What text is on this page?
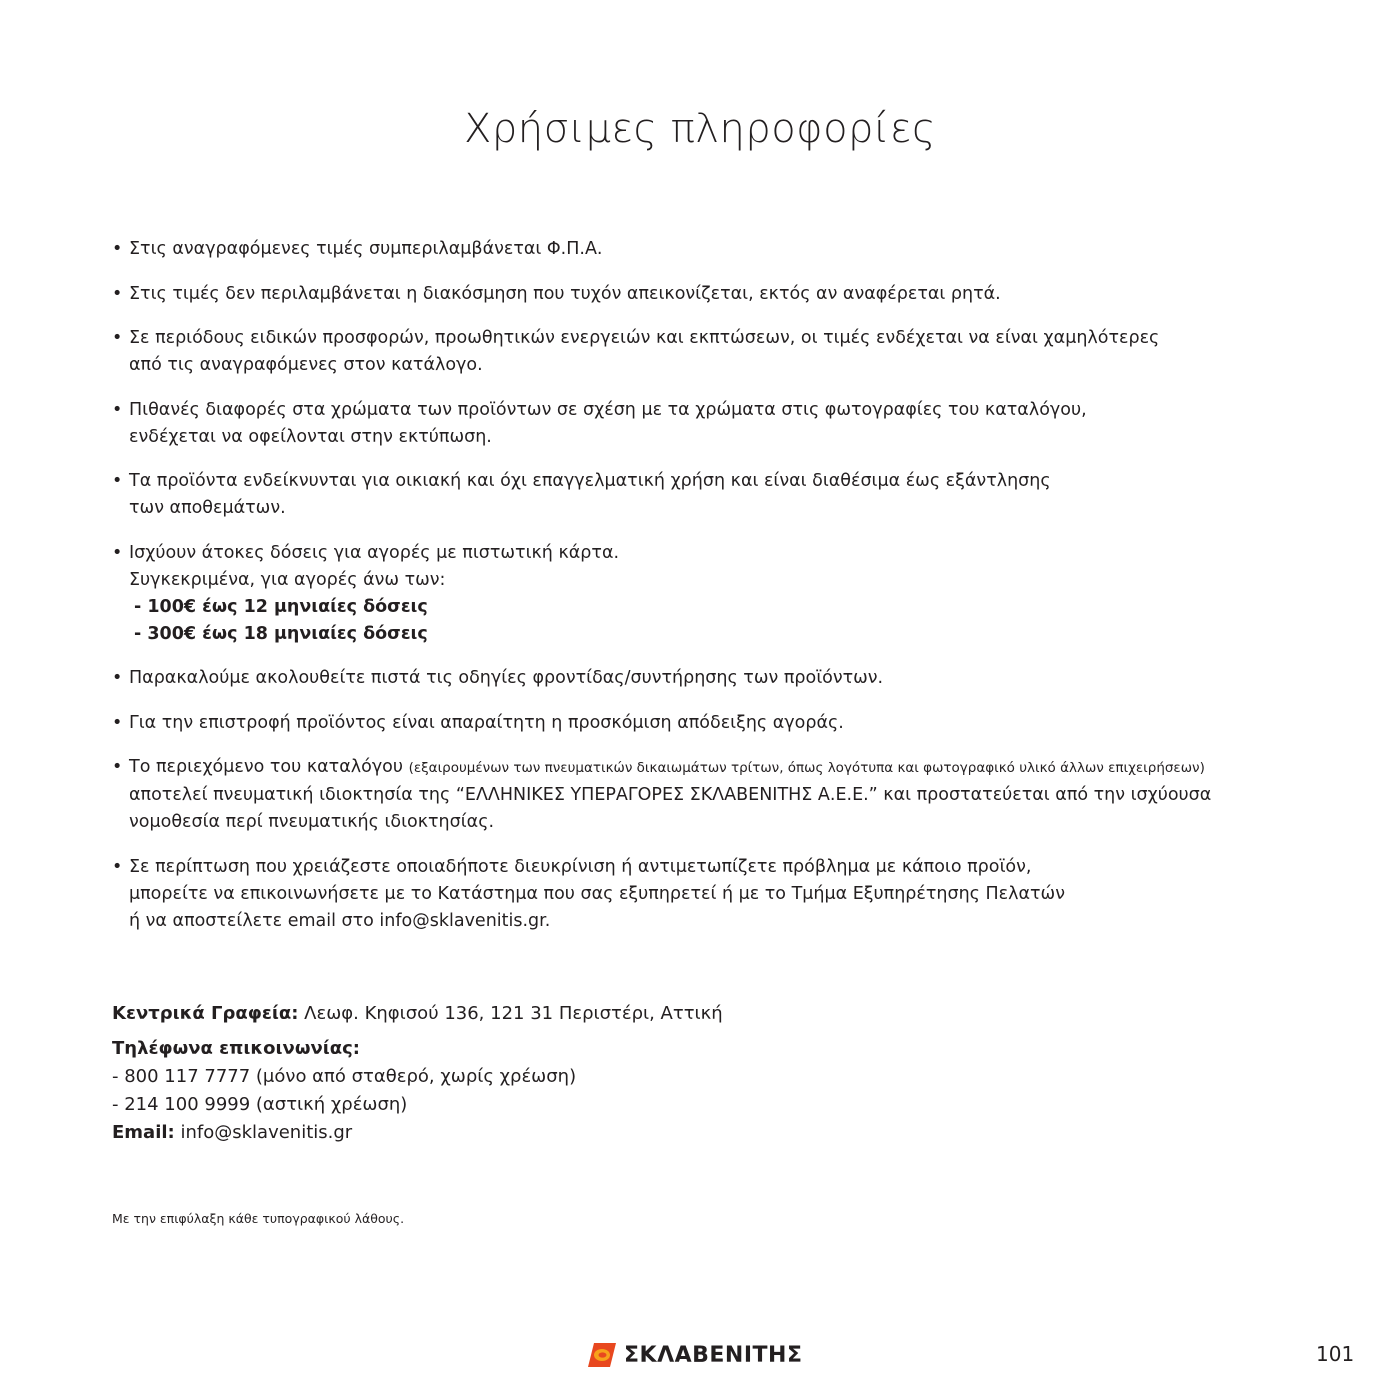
Χρήσιμες πληροφορίες
• Στις αναγραφόμενες τιμές συμπεριλαμβάνεται Φ.Π.Α.
• Στις τιμές δεν περιλαμβάνεται η διακόσμηση που τυχόν απεικονίζεται, εκτός αν αναφέρεται ρητά.
• Σε περιόδους ειδικών προσφορών, προωθητικών ενεργειών και εκπτώσεων, οι τιμές ενδέχεται να είναι χαμηλότερες
από τις αναγραφόμενες στον κατάλογο.
• Πιθανές διαφορές στα χρώματα των προϊόντων σε σχέση με τα χρώματα στις φωτογραφίες του καταλόγου,
ενδέχεται να οφείλονται στην εκτύπωση.
• Τα προϊόντα ενδείκνυνται για οικιακή και όχι επαγγελματική χρήση και είναι διαθέσιμα έως εξάντλησης
των αποθεμάτων.
• Ισχύουν άτοκες δόσεις για αγορές με πιστωτική κάρτα.
Συγκεκριμένα, για αγορές άνω των:
- 100€ έως 12 μηνιαίες δόσεις
- 300€ έως 18 μηνιαίες δόσεις
• Παρακαλούμε ακολουθείτε πιστά τις οδηγίες φροντίδας/συντήρησης των προϊόντων.
• Για την επιστροφή προϊόντος είναι απαραίτητη η προσκόμιση απόδειξης αγοράς.
• Το περιεχόμενο του καταλόγου (εξαιρουμένων των πνευματικών δικαιωμάτων τρίτων, όπως λογότυπα και φωτογραφικό υλικό άλλων επιχειρήσεων)
αποτελεί πνευματική ιδιοκτησία της “ΕΛΛΗΝΙΚΕΣ ΥΠΕΡΑΓΟΡΕΣ ΣΚΛΑΒΕΝΙΤΗΣ Α.Ε.Ε.” και προστατεύεται από την ισχύουσα
νομοθεσία περί πνευματικής ιδιοκτησίας.
• Σε περίπτωση που χρειάζεστε οποιαδήποτε διευκρίνιση ή αντιμετωπίζετε πρόβλημα με κάποιο προϊόν,
μπορείτε να επικοινωνήσετε με το Κατάστημα που σας εξυπηρετεί ή με το Τμήμα Εξυπηρέτησης Πελατών
ή να αποστείλετε email στο info@sklavenitis.gr.
Κεντρικά Γραφεία: Λεωφ. Κηφισού 136, 121 31 Περιστέρι, Αττική
Τηλέφωνα επικοινωνίας:
- 800 117 7777 (μόνο από σταθερό, χωρίς χρέωση)
- 214 100 9999 (αστική χρέωση)
Email: info@sklavenitis.gr
Με την επιφύλαξη κάθε τυπογραφικού λάθους.
ΣΚΛΑΒΕΝΙΤΗΣ	101
